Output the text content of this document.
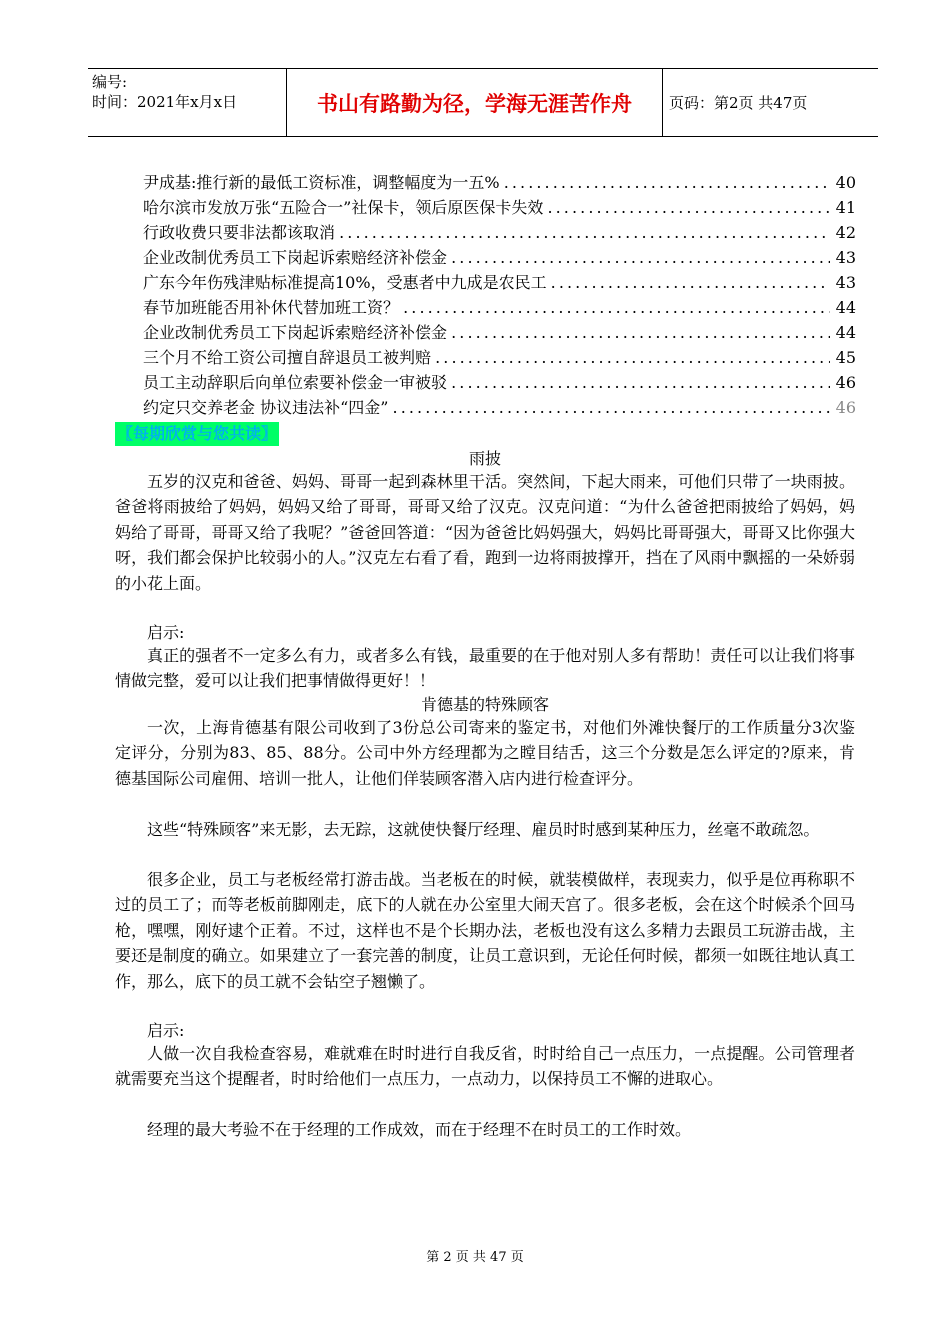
编号:
时间：2021年x月x日	书山有路勤为径，学海无涯苦作舟	页码：第2页 共47页
尹成基:推行新的最低工资标准，调整幅度为一五% . . .	40
哈尔滨市发放万张“五险合一”社保卡，领后原医保卡失效 . . .	41
行政收费只要非法都该取消 . . .	42
企业改制优秀员工下岗起诉索赔经济补偿金 . . .	43
广东今年伤残津贴标准提高10%，受惠者中九成是农民工 . . .	43
春节加班能否用补休代替加班工资？ . . .	44
企业改制优秀员工下岗起诉索赔经济补偿金 . . .	44
三个月不给工资公司擅自辞退员工被判赔 . . .	45
员工主动辞职后向单位索要补偿金一审被驳 . . .	46
约定只交养老金 协议违法补“四金” . . .	46
〖每期欣赏与您共读〗
雨披
五岁的汉克和爸爸、妈妈、哥哥一起到森林里干活。突然间，下起大雨来，可他们只带了一块雨披。爸爸将雨披给了妈妈，妈妈又给了哥哥，哥哥又给了汉克。汉克问道：“为什么爸爸把雨披给了妈妈，妈妈给了哥哥，哥哥又给了我呢？”爸爸回答道：“因为爸爸比妈妈强大，妈妈比哥哥强大，哥哥又比你强大呀，我们都会保护比较弱小的人。”汉克左右看了看，跑到一边将雨披撑开，挡在了风雨中飘摇的一朵娇弱的小花上面。
启示:
真正的强者不一定多么有力，或者多么有钱，最重要的在于他对别人多有帮助！责任可以让我们将事情做完整，爱可以让我们把事情做得更好！！
肯德基的特殊顾客
一次，上海肯德基有限公司收到了3份总公司寄来的鉴定书，对他们外滩快餐厅的工作质量分3次鉴定评分，分别为83、85、88分。公司中外方经理都为之瞠目结舌，这三个分数是怎么评定的?原来，肯德基国际公司雇佣、培训一批人，让他们佯装顾客潜入店内进行检查评分。
这些“特殊顾客”来无影，去无踪，这就使快餐厅经理、雇员时时感到某种压力，丝毫不敢疏忽。
很多企业，员工与老板经常打游击战。当老板在的时候，就装模做样，表现卖力，似乎是位再称职不过的员工了；而等老板前脚刚走，底下的人就在办公室里大闹天宫了。很多老板，会在这个时候杀个回马枪，嘿嘿，刚好逮个正着。不过，这样也不是个长期办法，老板也没有这么多精力去跟员工玩游击战，主要还是制度的确立。如果建立了一套完善的制度，让员工意识到，无论任何时候，都须一如既往地认真工作，那么，底下的员工就不会钻空子翘懒了。
启示:
人做一次自我检查容易，难就难在时时进行自我反省，时时给自己一点压力，一点提醒。公司管理者就需要充当这个提醒者，时时给他们一点压力，一点动力，以保持员工不懈的进取心。
经理的最大考验不在于经理的工作成效，而在于经理不在时员工的工作时效。
第 2 页 共 47 页
